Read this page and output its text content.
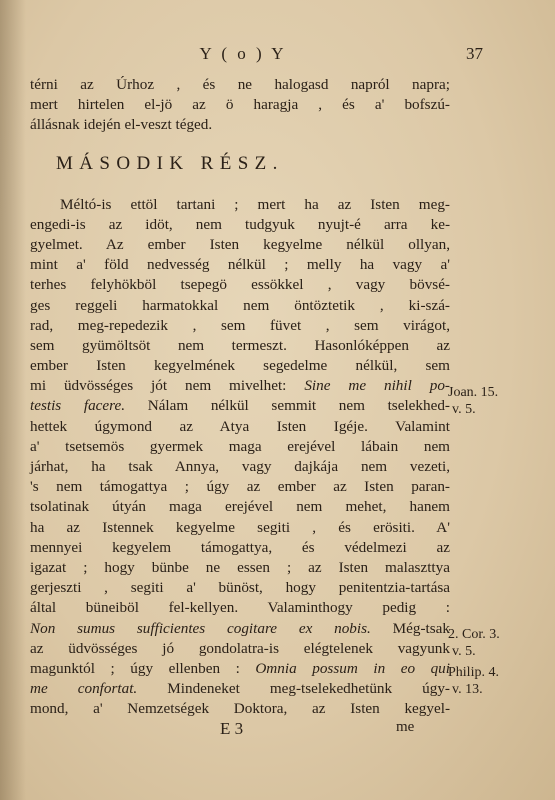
Y ( o ) Y	37
térni az Úrhoz , és ne halogasd napról napra;
mert hirtelen el-jö az ö haragja , és a' bofszú-
állásnak idején el-veszt téged.
MÁSODIK RÉSZ.
Méltó-is ettöl tartani ; mert ha az Isten meg-
engedi-is az idöt, nem tudgyuk nyujt-é arra ke-
gyelmet. Az ember Isten kegyelme nélkül ollyan,
mint a' föld nedvesség nélkül ; melly ha vagy a'
terhes felyhökböl tsepegö essökkel , vagy bövsé-
ges reggeli harmatokkal nem öntöztetik , ki-szá-
rad, meg-repedezik , sem füvet , sem virágot,
sem gyümöltsöt nem termeszt. Hasonlóképpen az
ember Isten kegyelmének segedelme nélkül, sem
mi üdvösséges jót nem mivelhet: Sine me nihil po-
testis facere. Nálam nélkül semmit nem tselekhed-
hettek úgymond az Atya Isten Igéje. Valamint
a' tsetsemös gyermek maga erejével lábain nem
járhat, ha tsak Annya, vagy dajkája nem vezeti,
's nem támogattya ; úgy az ember az Isten paran-
tsolatinak útyán maga erejével nem mehet, hanem
ha az Istennek kegyelme segiti , és erösiti. A'
mennyei kegyelem támogattya, és védelmezi az
igazat ; hogy bünbe ne essen ; az Isten malaszttya
gerjeszti , segiti a' bünöst, hogy penitentzia-tartása
által büneiböl fel-kellyen. Valaminthogy pedig :
Non sumus sufficientes cogitare ex nobis. Még-tsak
az üdvösséges jó gondolatra-is elégtelenek vagyunk
magunktól ; úgy ellenben : Omnia possum in eo qui
me confortat. Mindeneket meg-tselekedhetünk úgy-
mond, a' Nemzetségek Doktora, az Isten kegyel-
Joan. 15.
v. 5.
2. Cor. 3.
v. 5.
Philip. 4.
v. 13.
E 3	me
